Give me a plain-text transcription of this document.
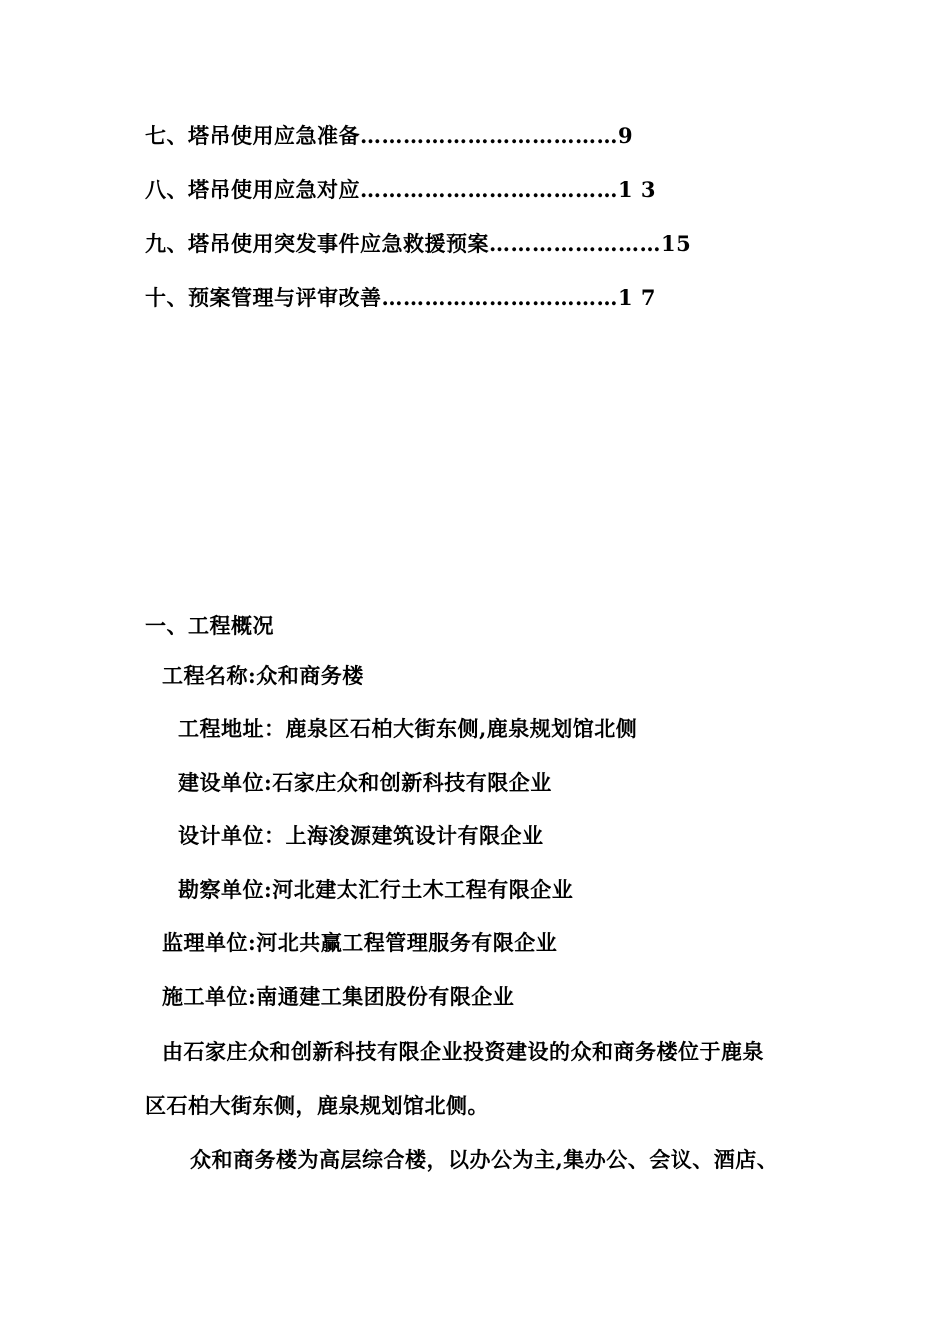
七、塔吊使用应急准备………………………………9
八、塔吊使用应急对应………………………………1 3
九、塔吊使用突发事件应急救援预案……………………15
十、预案管理与评审改善……………………………1 7
一、工程概况
工程名称:众和商务楼
工程地址：鹿泉区石柏大街东侧,鹿泉规划馆北侧
建设单位:石家庄众和创新科技有限企业
设计单位：上海浚源建筑设计有限企业
勘察单位:河北建太汇行土木工程有限企业
监理单位:河北共赢工程管理服务有限企业
施工单位:南通建工集团股份有限企业
由石家庄众和创新科技有限企业投资建设的众和商务楼位于鹿泉
区石柏大街东侧，鹿泉规划馆北侧。
众和商务楼为高层综合楼，以办公为主,集办公、会议、酒店、
